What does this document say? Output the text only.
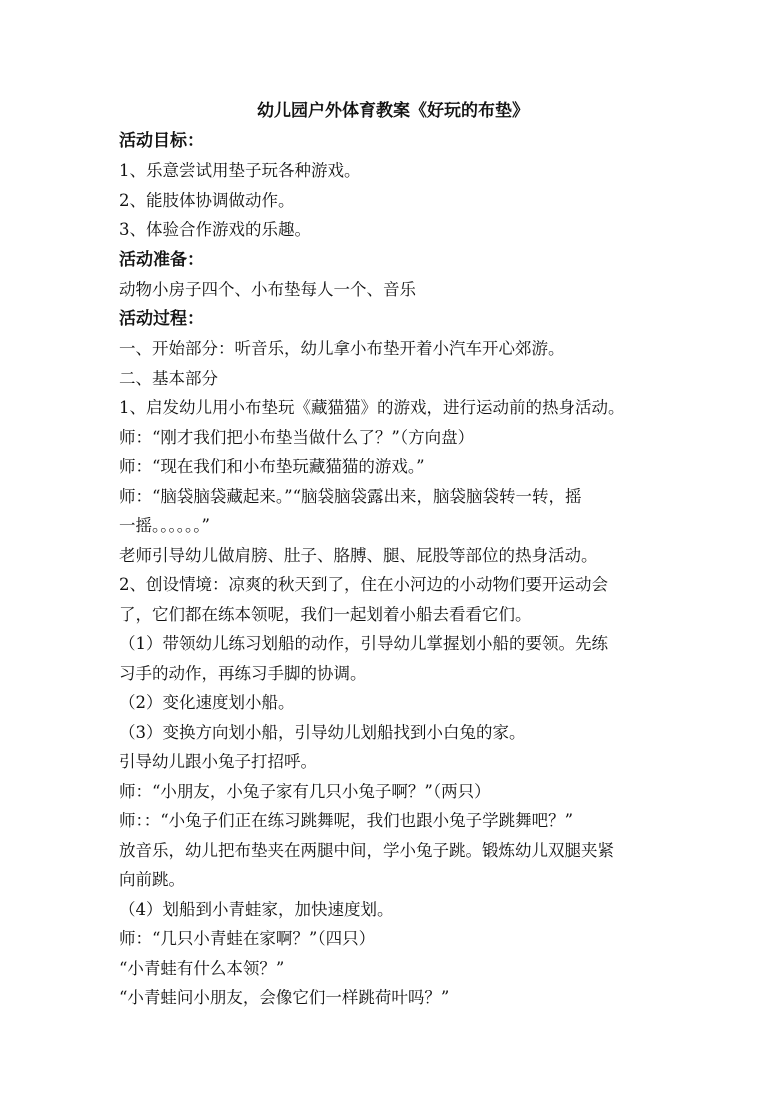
幼儿园户外体育教案《好玩的布垫》
活动目标：
1、乐意尝试用垫子玩各种游戏。
2、能肢体协调做动作。
3、体验合作游戏的乐趣。
活动准备：
动物小房子四个、小布垫每人一个、音乐
活动过程：
一、开始部分：听音乐，幼儿拿小布垫开着小汽车开心郊游。
二、基本部分
1、启发幼儿用小布垫玩《藏猫猫》的游戏，进行运动前的热身活动。
师：“刚才我们把小布垫当做什么了？”（方向盘）
师：“现在我们和小布垫玩藏猫猫的游戏。”
师：“脑袋脑袋藏起来。”“脑袋脑袋露出来，脑袋脑袋转一转，摇
一摇。。。。。。”
老师引导幼儿做肩膀、肚子、胳膊、腿、屁股等部位的热身活动。
2、创设情境：凉爽的秋天到了，住在小河边的小动物们要开运动会
了，它们都在练本领呢，我们一起划着小船去看看它们。
（1）带领幼儿练习划船的动作，引导幼儿掌握划小船的要领。先练
习手的动作，再练习手脚的协调。
（2）变化速度划小船。
（3）变换方向划小船，引导幼儿划船找到小白兔的家。
引导幼儿跟小兔子打招呼。
师：“小朋友，小兔子家有几只小兔子啊？”（两只）
师：：“小兔子们正在练习跳舞呢，我们也跟小兔子学跳舞吧？”
放音乐，幼儿把布垫夹在两腿中间，学小兔子跳。锻炼幼儿双腿夹紧
向前跳。
（4）划船到小青蛙家，加快速度划。
师：“几只小青蛙在家啊？”（四只）
“小青蛙有什么本领？”
“小青蛙问小朋友，会像它们一样跳荷叶吗？”
